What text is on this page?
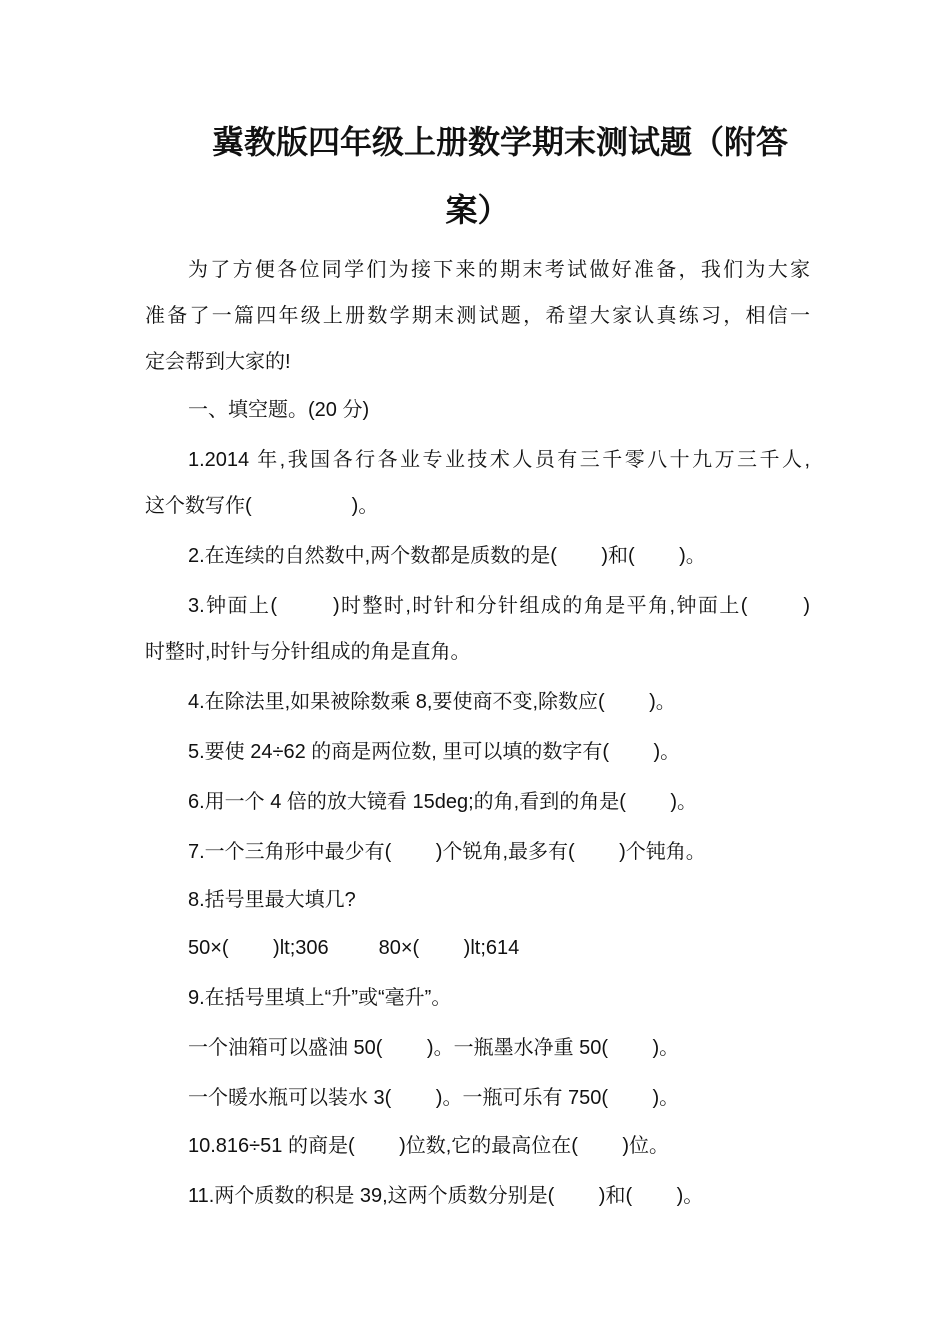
冀教版四年级上册数学期末测试题（附答
案）
为了方便各位同学们为接下来的期末考试做好准备，我们为大家
准备了一篇四年级上册数学期末测试题，希望大家认真练习，相信一
定会帮到大家的!
一、填空题。(20 分)
1.2014 年,我国各行各业专业技术人员有三千零八十九万三千人,
这个数写作(                  )。
2.在连续的自然数中,两个数都是质数的是(        )和(        )。
3.钟面上(        )时整时,时针和分针组成的角是平角,钟面上(        )
时整时,时针与分针组成的角是直角。
4.在除法里,如果被除数乘 8,要使商不变,除数应(        )。
5.要使 24÷62 的商是两位数, 里可以填的数字有(        )。
6.用一个 4 倍的放大镜看 15deg;的角,看到的角是(        )。
7.一个三角形中最少有(        )个锐角,最多有(        )个钝角。
8.括号里最大填几?
50×(        )lt;306         80×(        )lt;614
9.在括号里填上“升”或“毫升”。
一个油箱可以盛油 50(        )。一瓶墨水净重 50(        )。
一个暖水瓶可以装水 3(        )。一瓶可乐有 750(        )。
10.816÷51 的商是(        )位数,它的最高位在(        )位。
11.两个质数的积是 39,这两个质数分别是(        )和(        )。
